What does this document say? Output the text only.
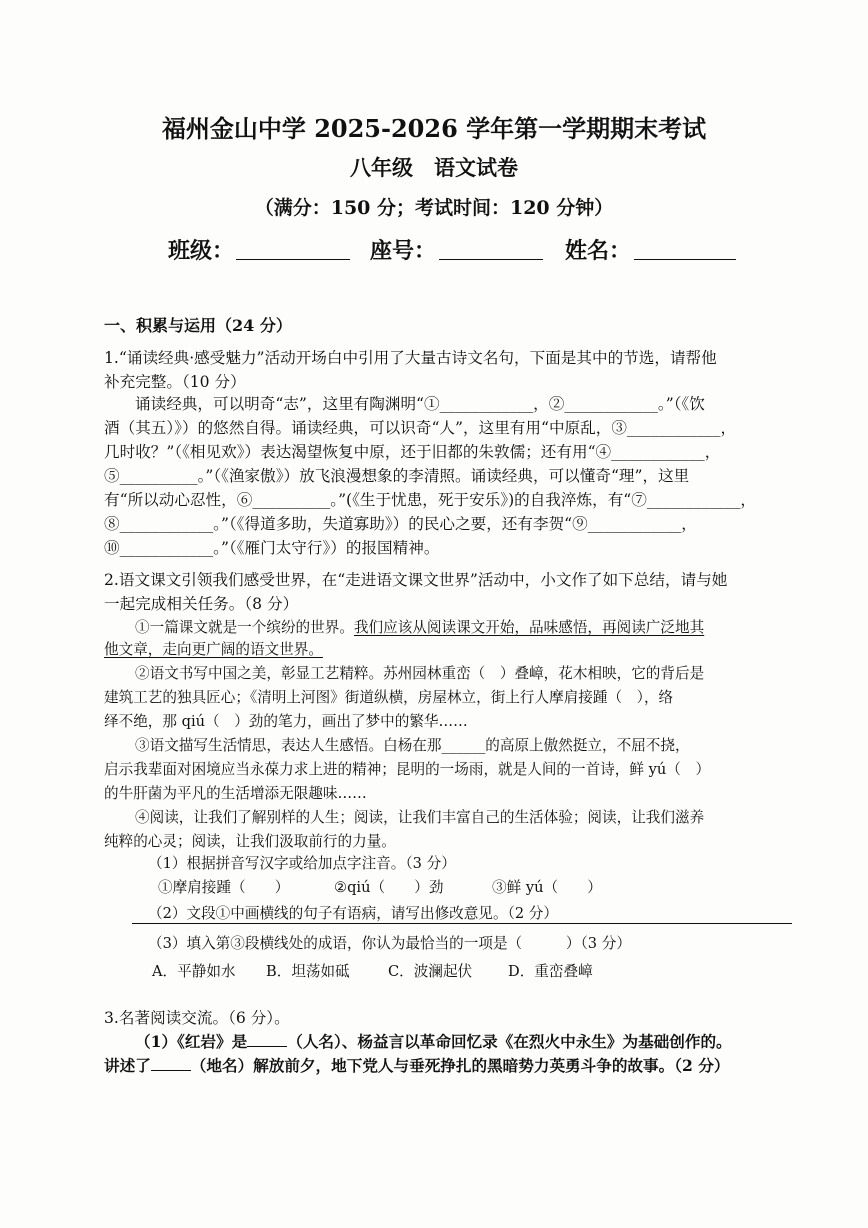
福州金山中学 2025-2026 学年第一学期期末考试
八年级　语文试卷
（满分：150 分；考试时间：120 分钟）
班级：	座号：	姓名：
一、积累与运用（24 分）
1.“诵读经典·感受魅力”活动开场白中引用了大量古诗文名句，下面是其中的节选，请帮他
补充完整。（10 分）
诵读经典，可以明奇“志”，这里有陶渊明“①____________，②____________。”（《饮
酒（其五）》）的悠然自得。诵读经典，可以识奇“人”，这里有用“中原乱，③____________，
几时收？”（《相见欢》）表达渴望恢复中原，还于旧都的朱敦儒；还有用“④____________，
⑤__________。”（《渔家傲》）放飞浪漫想象的李清照。诵读经典，可以懂奇“理”，这里
有“所以动心忍性，⑥__________。”(《生于忧患，死于安乐》)的自我淬炼，有“⑦____________，
⑧____________。”（《得道多助，失道寡助》）的民心之要，还有李贺“⑨____________，
⑩____________。”（《雁门太守行》）的报国精神。
2.语文课文引领我们感受世界，在“走进语文课文世界”活动中，小文作了如下总结，请与她
一起完成相关任务。（8 分）
①一篇课文就是一个缤纷的世界。我们应该从阅读课文开始，品味感悟，再阅读广泛地其
他文章，走向更广阔的语文世界。
②语文书写中国之美，彰显工艺精粹。苏州园林重峦（　）叠嶂，花木相映，它的背后是
建筑工艺的独具匠心；《清明上河图》街道纵横，房屋林立，街上行人摩肩接踵（　），络
绎不绝，那 qiú（　）劲的笔力，画出了梦中的繁华……
③语文描写生活情思，表达人生感悟。白杨在那______的高原上傲然挺立，不屈不挠，
启示我辈面对困境应当永葆力求上进的精神；昆明的一场雨，就是人间的一首诗，鲜 yú（　）
的牛肝菌为平凡的生活增添无限趣味……
④阅读，让我们了解别样的人生；阅读，让我们丰富自己的生活体验；阅读，让我们滋养
纯粹的心灵；阅读，让我们汲取前行的力量。
（1）根据拼音写汉字或给加点字注音。（3 分）
①摩肩接踵（　　）	②qiú（　　）劲	③鲜 yú（　　）
（2）文段①中画横线的句子有语病，请写出修改意见。（2 分）
（3）填入第③段横线处的成语，你认为最恰当的一项是（　　　）（3 分）
A．平静如水 B．坦荡如砥	C．波澜起伏 D．重峦叠嶂
3.名著阅读交流。（6 分）。
（1）《红岩》是	（人名）、杨益言以革命回忆录《在烈火中永生》为基础创作的。
讲述了	（地名）解放前夕，地下党人与垂死挣扎的黑暗势力英勇斗争的故事。（2 分）
